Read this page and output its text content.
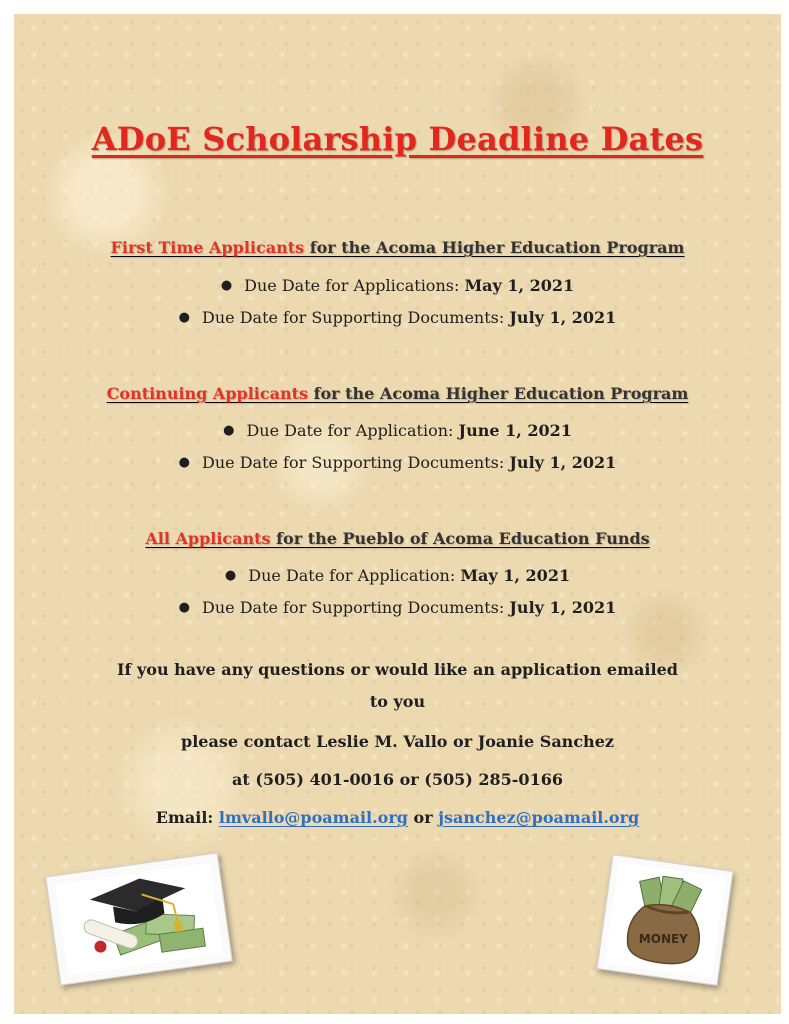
ADoE Scholarship Deadline Dates
First Time Applicants for the Acoma Higher Education Program
● Due Date for Applications: May 1, 2021
● Due Date for Supporting Documents: July 1, 2021
Continuing Applicants for the Acoma Higher Education Program
● Due Date for Application: June 1, 2021
● Due Date for Supporting Documents: July 1, 2021
All Applicants for the Pueblo of Acoma Education Funds
● Due Date for Application: May 1, 2021
● Due Date for Supporting Documents: July 1, 2021
If you have any questions or would like an application emailed
to you
please contact Leslie M. Vallo or Joanie Sanchez
at (505) 401-0016 or (505) 285-0166
Email: lmvallo@poamail.org or jsanchez@poamail.org
MONEY
